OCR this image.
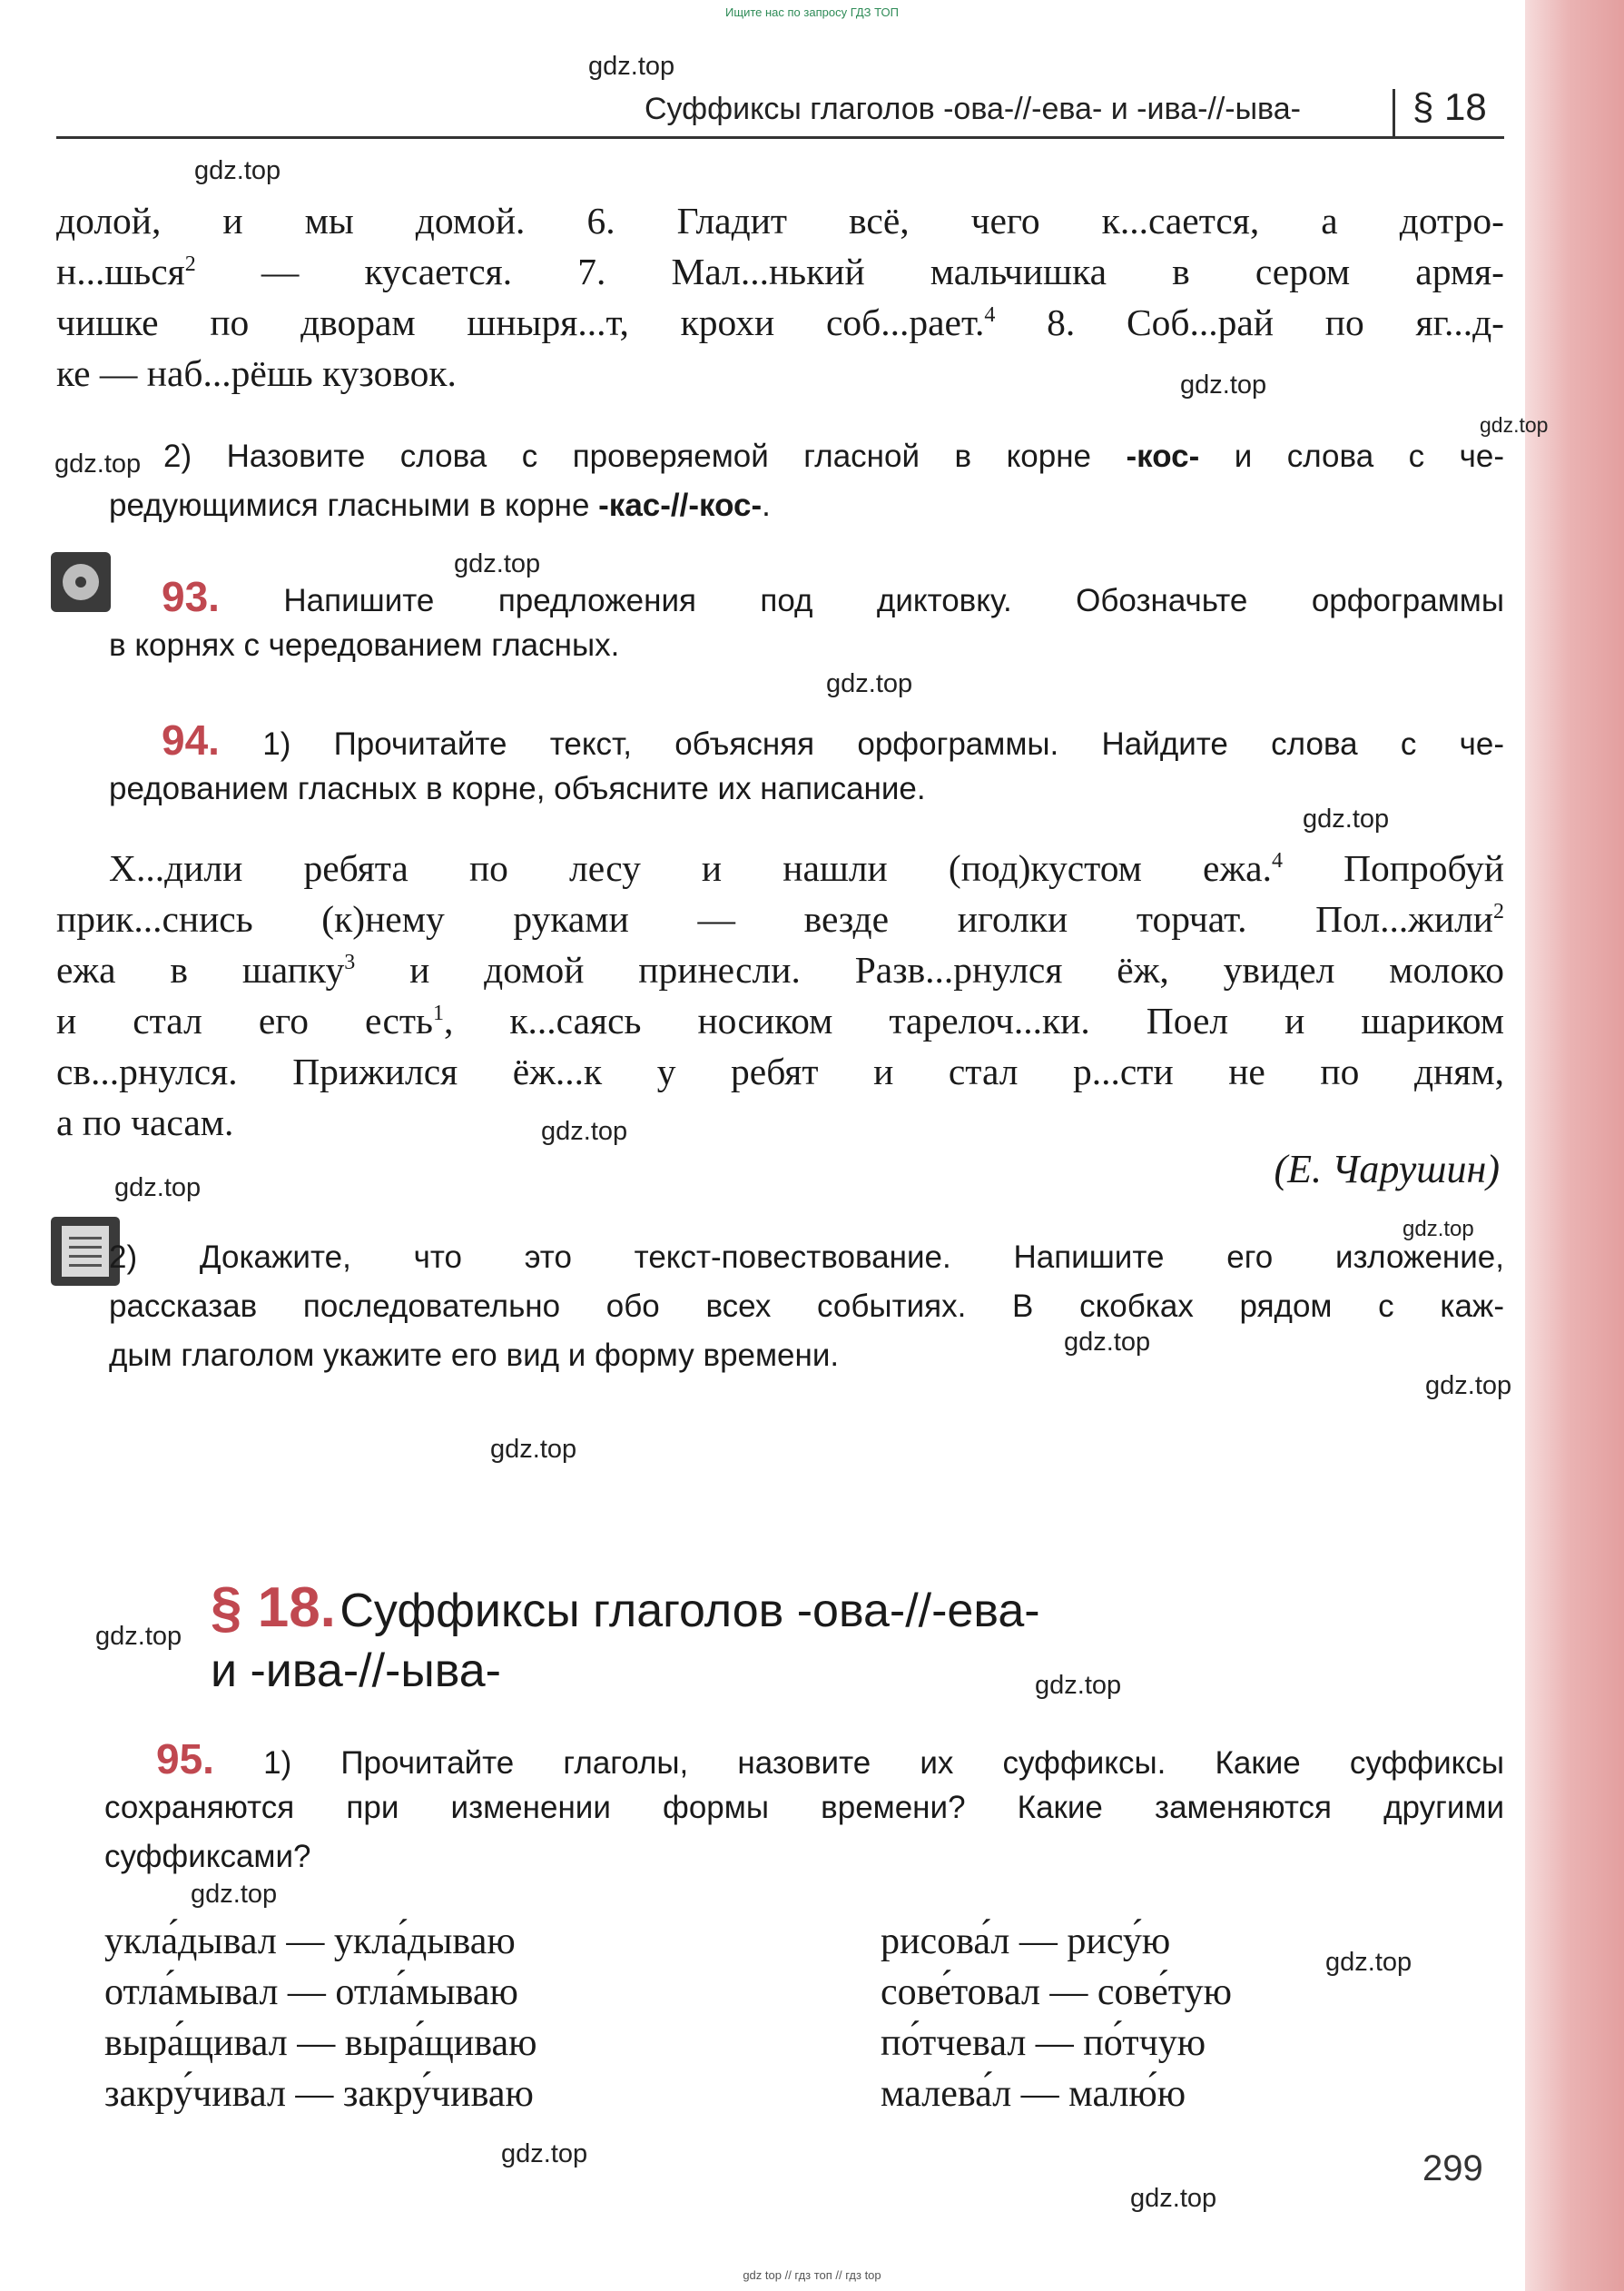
Ищите нас по запросу ГДЗ ТОП
Суффиксы глаголов -ова-//-ева- и -ива-//-ыва-	§ 18
долой, и мы домой. 6. Гладит всё, чего к...сается, а дотро-
н...шься$^2$ — кусается. 7. Мал...нький мальчишка в сером армя-
чишке по дворам шныря...т, крохи соб...рает.$^4$ 8. Соб...рай по яг...д-
ке — наб...рёшь кузовок.
2) Назовите слова с проверяемой гласной в корне -кос- и слова с че-
редующимися гласными в корне -кас-//-кос-.
93. Напишите предложения под диктовку. Обозначьте орфограммы
в корнях с чередованием гласных.
94. 1) Прочитайте текст, объясняя орфограммы. Найдите слова с че-
редованием гласных в корне, объясните их написание.
Х...дили ребята по лесу и нашли (под)кустом ежа.$^4$ Попробуй
прик...снись (к)нему руками — везде иголки торчат. Пол...жили$^2$
ежа в шапку$^3$ и домой принесли. Разв...рнулся ёж, увидел молоко
и стал его есть$^1$, к...саясь носиком тарелоч...ки. Поел и шариком
св...рнулся. Прижился ёж...к у ребят и стал р...сти не по дням,
а по часам.
(Е. Чарушин)
2) Докажите, что это текст-повествование. Напишите его изложение,
рассказав последовательно обо всех событиях. В скобках рядом с каж-
дым глаголом укажите его вид и форму времени.
§ 18. Суффиксы глаголов -ова-//-ева-
и -ива-//-ыва-
95. 1) Прочитайте глаголы, назовите их суффиксы. Какие суффиксы
сохраняются при изменении формы времени? Какие заменяются другими
суффиксами?
укла́дывал — укла́дываю
отла́мывал — отла́мываю
выра́щивал — выра́щиваю
закру́чивал — закру́чиваю
рисова́л — рису́ю
сове́товал — сове́тую
по́тчевал — по́тчую
малева́л — малю́ю
299
gdz top // гдз топ // гдз top
gdz.top
gdz.top
gdz.top
gdz.top
gdz.top
gdz.top
gdz.top
gdz.top
gdz.top
gdz.top
gdz.top
gdz.top
gdz.top
gdz.top
gdz.top
gdz.top
gdz.top
gdz.top
gdz.top
gdz.top
